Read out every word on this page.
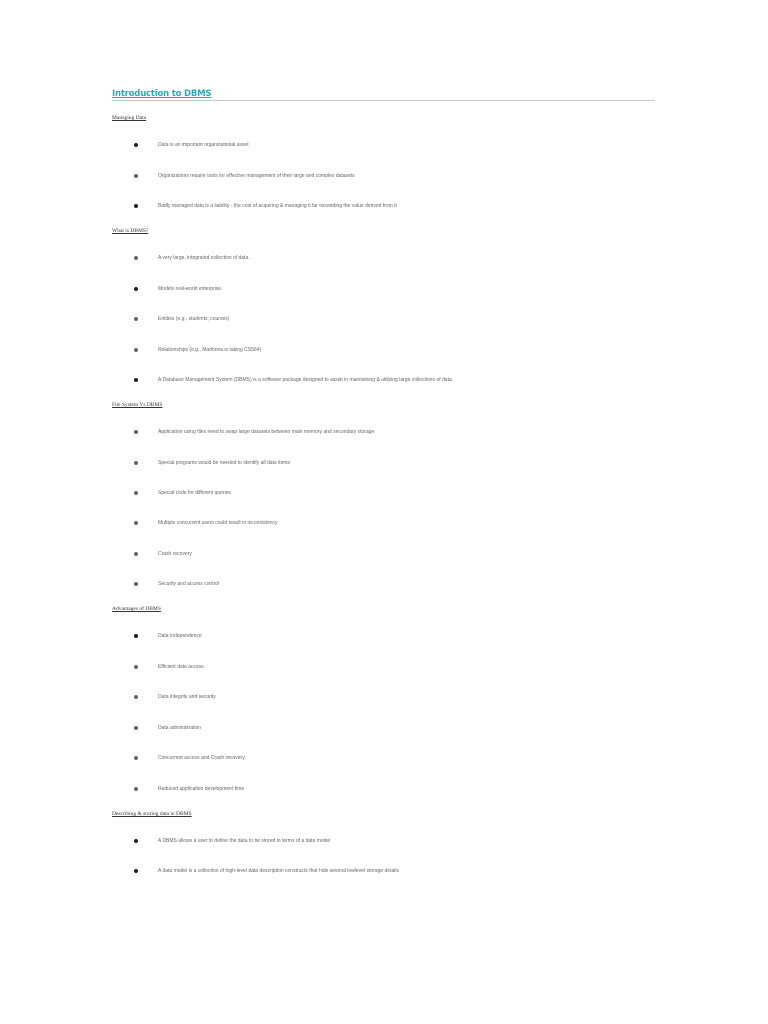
Introduction to DBMS
Managing Data
Data is an important organizational asset
Organizations require tools for effective management of their large and complex datasets
Badly managed data is a liability - the cost of acquiring & managing it far exceeding the value derived from it
What is DBMS?
A very large, integrated collection of data.
Models real-world enterprise.
Entities (e.g., students, courses)
Relationships (e.g., Madonna is taking CS564)
A Database Management System (DBMS) is a software package designed to assist in maintaining & utilizing large collections of data.
File System Vs DBMS
Application using files need to swap large datasets between main memory and secondary storage
Special programs would be needed to identify all data items
Special code for different queries
Multiple concurrent users could result in inconsistency
Crash recovery
Security and access control
Advantages of DBMS
Data Independence
Efficient data access
Data integrity and security
Data administration
Concurrent access and Crash recovery
Reduced application development time
Describing & storing data in DBMS
A DBMS allows a user to define the data to be stored in terms of a data model
A data model is a collection of high-level data description constructs that hide several lowlevel storage details
